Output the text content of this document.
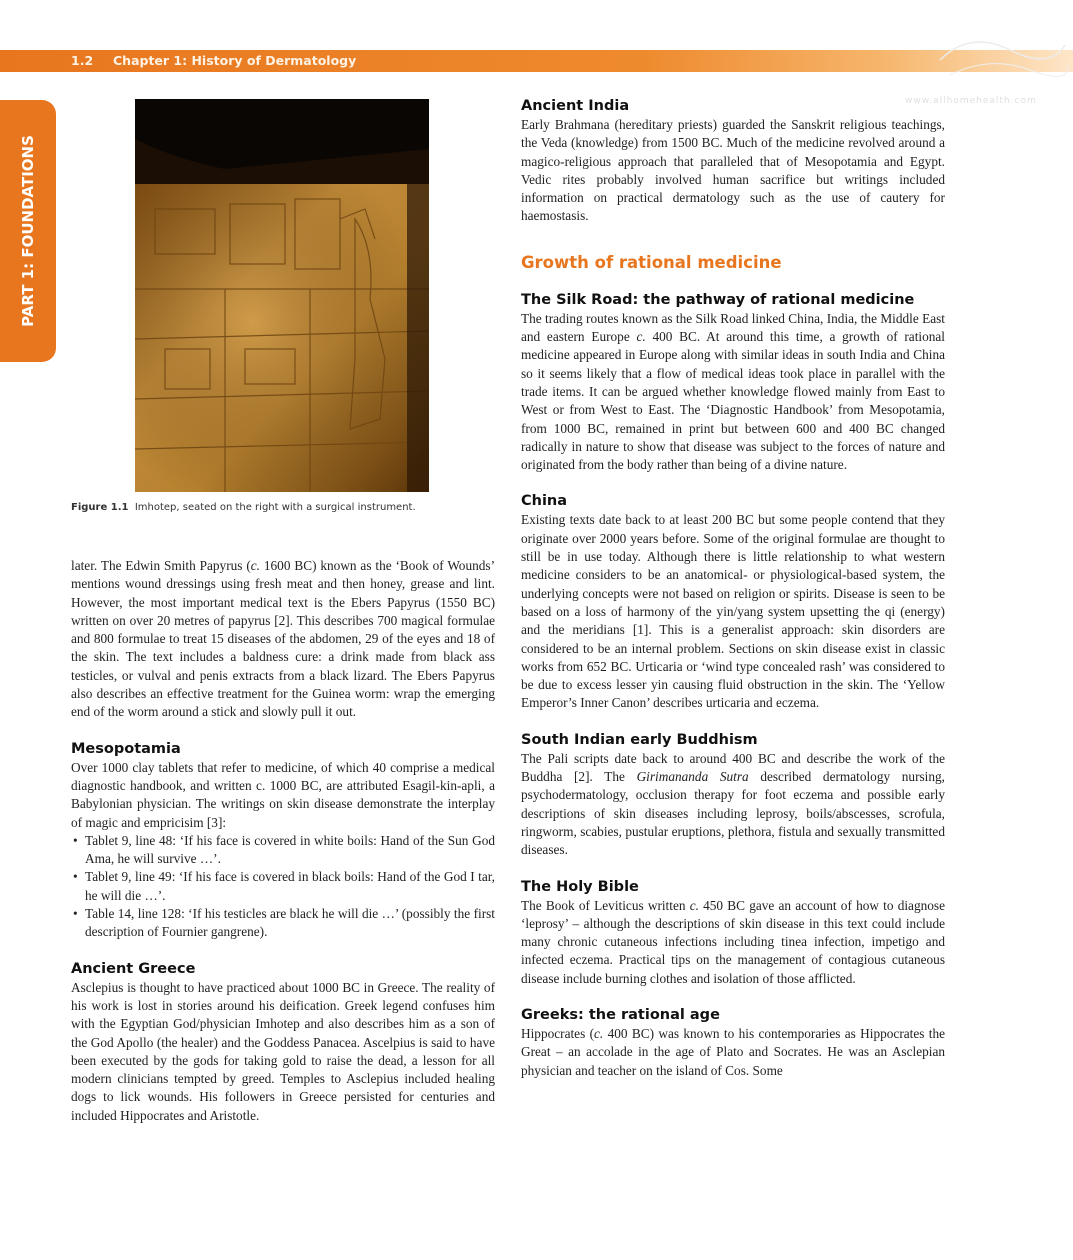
1.2 Chapter 1: History of Dermatology
www.allhomehealth.com
PART 1: FOUNDATIONS
Figure 1.1 Imhotep, seated on the right with a surgical instrument.

later. The Edwin Smith Papyrus (c. 1600 BC) known as the ‘Book of Wounds’ mentions wound dressings using fresh meat and then honey, grease and lint. However, the most important medical text is the Ebers Papyrus (1550 BC) written on over 20 metres of papyrus [2]. This describes 700 magical formulae and 800 formulae to treat 15 diseases of the abdomen, 29 of the eyes and 18 of the skin. The text includes a baldness cure: a drink made from black ass testicles, or vulval and penis extracts from a black lizard. The Ebers Papyrus also describes an effective treatment for the Guinea worm: wrap the emerging end of the worm around a stick and slowly pull it out.

Mesopotamia

Over 1000 clay tablets that refer to medicine, of which 40 comprise a medical diagnostic handbook, and written c. 1000 BC, are attributed Esagil-kin-apli, a Babylonian physician. The writings on skin disease demonstrate the interplay of magic and empricisim [3]:

• Tablet 9, line 48: ‘If his face is covered in white boils: Hand of the Sun God Ama, he will survive …’.
• Tablet 9, line 49: ‘If his face is covered in black boils: Hand of the God I tar, he will die …’.
• Table 14, line 128: ‘If his testicles are black he will die …’ (possibly the first description of Fournier gangrene).
Ancient Greece

Asclepius is thought to have practiced about 1000 BC in Greece. The reality of his work is lost in stories around his deification. Greek legend confuses him with the Egyptian God/physician Imhotep and also describes him as a son of the God Apollo (the healer) and the Goddess Panacea. Ascelpius is said to have been executed by the gods for taking gold to raise the dead, a lesson for all modern clinicians tempted by greed. Temples to Asclepius included healing dogs to lick wounds. His followers in Greece persisted for centuries and included Hippocrates and Aristotle.

Ancient India

Early Brahmana (hereditary priests) guarded the Sanskrit religious teachings, the Veda (knowledge) from 1500 BC. Much of the medicine revolved around a magico-religious approach that paralleled that of Mesopotamia and Egypt. Vedic rites probably involved human sacrifice but writings included information on practical dermatology such as the use of cautery for haemostasis.

Growth of rational medicine
The Silk Road: the pathway of rational medicine

The trading routes known as the Silk Road linked China, India, the Middle East and eastern Europe c. 400 BC. At around this time, a growth of rational medicine appeared in Europe along with similar ideas in south India and China so it seems likely that a flow of medical ideas took place in parallel with the trade items. It can be argued whether knowledge flowed mainly from East to West or from West to East. The ‘Diagnostic Handbook’ from Mesopotamia, from 1000 BC, remained in print but between 600 and 400 BC changed radically in nature to show that disease was subject to the forces of nature and originated from the body rather than being of a divine nature.

China

Existing texts date back to at least 200 BC but some people contend that they originate over 2000 years before. Some of the original formulae are thought to still be in use today. Although there is little relationship to what western medicine considers to be an anatomical- or physiological-based system, the underlying concepts were not based on religion or spirits. Disease is seen to be based on a loss of harmony of the yin/yang system upsetting the qi (energy) and the meridians [1]. This is a generalist approach: skin disorders are considered to be an internal problem. Sections on skin disease exist in classic works from 652 BC. Urticaria or ‘wind type concealed rash’ was considered to be due to excess lesser yin causing fluid obstruction in the skin. The ‘Yellow Emperor’s Inner Canon’ describes urticaria and eczema.

South Indian early Buddhism

The Pali scripts date back to around 400 BC and describe the work of the Buddha [2]. The Girimananda Sutra described dermatology nursing, psychodermatology, occlusion therapy for foot eczema and possible early descriptions of skin diseases including leprosy, boils/abscesses, scrofula, ringworm, scabies, pustular eruptions, plethora, fistula and sexually transmitted diseases.

The Holy Bible

The Book of Leviticus written c. 450 BC gave an account of how to diagnose ‘leprosy’ – although the descriptions of skin disease in this text could include many chronic cutaneous infections including tinea infection, impetigo and infected eczema. Practical tips on the management of contagious cutaneous disease include burning clothes and isolation of those afflicted.

Greeks: the rational age

Hippocrates (c. 400 BC) was known to his contemporaries as Hippocrates the Great – an accolade in the age of Plato and Socrates. He was an Asclepian physician and teacher on the island of Cos. Some
